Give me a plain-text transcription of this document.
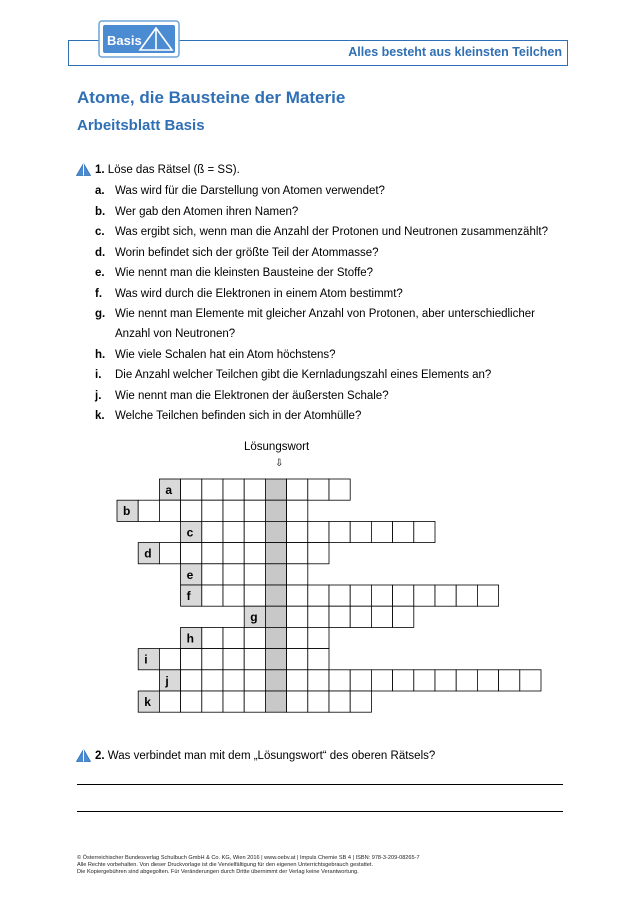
Basis
Alles besteht aus kleinsten Teilchen
Atome, die Bausteine der Materie
Arbeitsblatt Basis
1. Löse das Rätsel (ß = SS).
a. Was wird für die Darstellung von Atomen verwendet?
b. Wer gab den Atomen ihren Namen?
c. Was ergibt sich, wenn man die Anzahl der Protonen und Neutronen zusammenzählt?
d. Worin befindet sich der größte Teil der Atommasse?
e. Wie nennt man die kleinsten Bausteine der Stoffe?
f.	Was wird durch die Elektronen in einem Atom bestimmt?
g. Wie nennt man Elemente mit gleicher Anzahl von Protonen, aber unterschiedlicher
Anzahl von Neutronen?
h. Wie viele Schalen hat ein Atom höchstens?
i.	Die Anzahl welcher Teilchen gibt die Kernladungszahl eines Elements an?
j.	Wie nennt man die Elektronen der äußersten Schale?
k. Welche Teilchen befinden sich in der Atomhülle?
Lösungswort
⇩
a
b
c
d
e
f
g
h
i
j
k
2. Was verbindet man mit dem „Lösungswort“ des oberen Rätsels?
© Österreichischer Bundesverlag Schulbuch GmbH & Co. KG, Wien 2016 | www.oebv.at | Impuls Chemie SB 4 | ISBN: 978-3-209-08265-7
Alle Rechte vorbehalten. Von dieser Druckvorlage ist die Vervielfältigung für den eigenen Unterrichtsgebrauch gestattet.
Die Kopiergebühren sind abgegolten. Für Veränderungen durch Dritte übernimmt der Verlag keine Verantwortung.
